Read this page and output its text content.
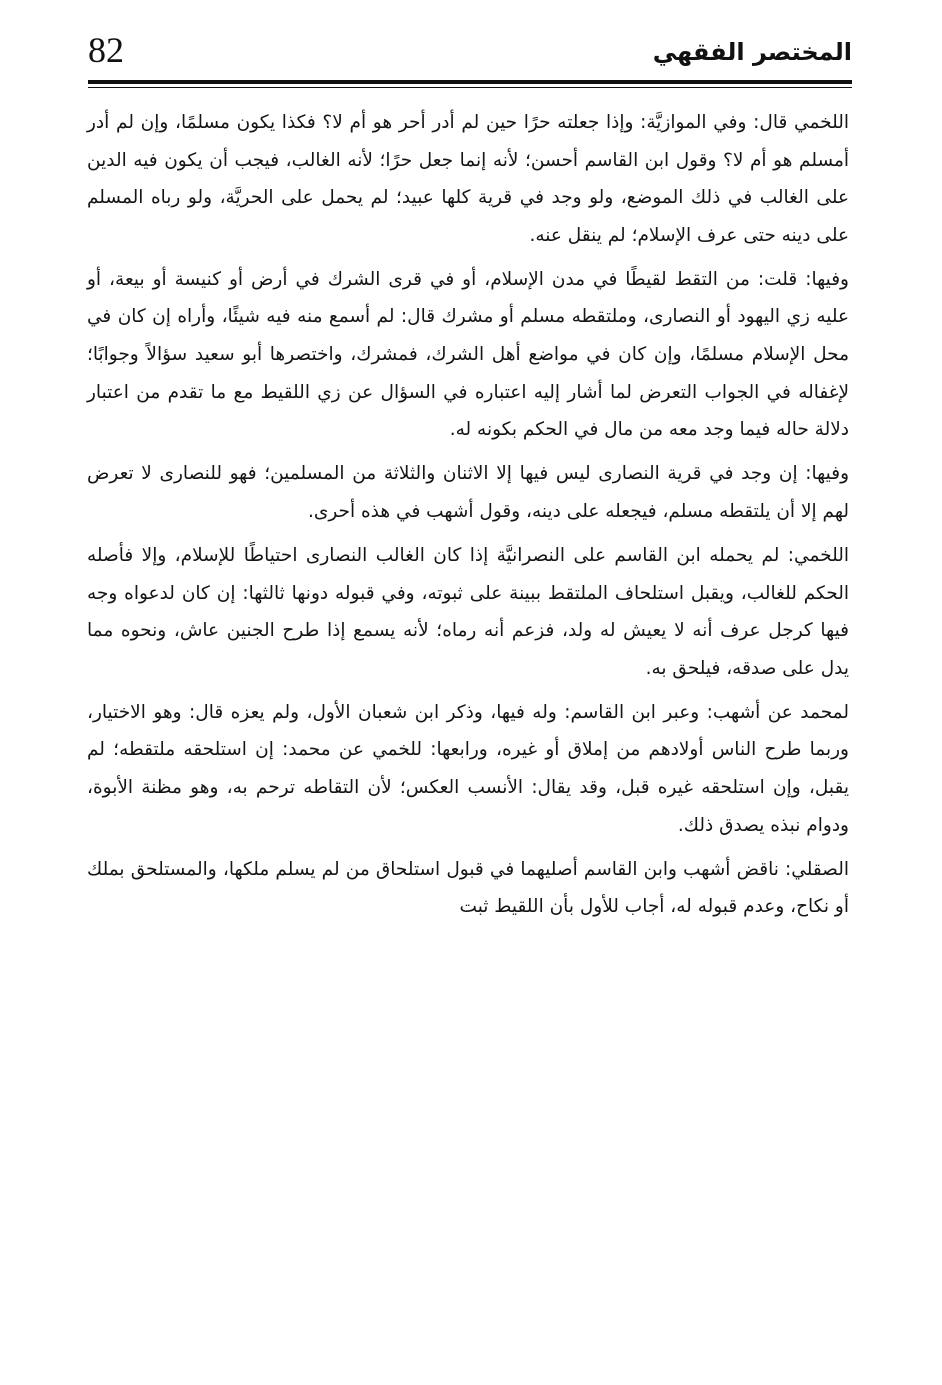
82	المختصر الفقهي

اللخمي قال: وفي الموازيَّة: وإذا جعلته حرًا حين لم أدر أحر هو أم لا؟ فكذا يكون مسلمًا، وإن لم أدر أمسلم هو أم لا؟ وقول ابن القاسم أحسن؛ لأنه إنما جعل حرًا؛ لأنه الغالب، فيجب أن يكون فيه الدين على الغالب في ذلك الموضع، ولو وجد في قرية كلها عبيد؛ لم يحمل على الحريَّة، ولو رباه المسلم على دينه حتى عرف الإسلام؛ لم ينقل عنه.

وفيها: قلت: من التقط لقيطًا في مدن الإسلام، أو في قرى الشرك في أرض أو كنيسة أو بيعة، أو عليه زي اليهود أو النصارى، وملتقطه مسلم أو مشرك قال: لم أسمع منه فيه شيئًا، وأراه إن كان في محل الإسلام مسلمًا، وإن كان في مواضع أهل الشرك، فمشرك، واختصرها أبو سعيد سؤالاً وجوابًا؛ لإغفاله في الجواب التعرض لما أشار إليه اعتباره في السؤال عن زي اللقيط مع ما تقدم من اعتبار دلالة حاله فيما وجد معه من مال في الحكم بكونه له.

وفيها: إن وجد في قرية النصارى ليس فيها إلا الاثنان والثلاثة من المسلمين؛ فهو للنصارى لا تعرض لهم إلا أن يلتقطه مسلم، فيجعله على دينه، وقول أشهب في هذه أحرى.

اللخمي: لم يحمله ابن القاسم على النصرانيَّة إذا كان الغالب النصارى احتياطًا للإسلام، وإلا فأصله الحكم للغالب، ويقبل استلحاف الملتقط ببينة على ثبوته، وفي قبوله دونها ثالثها: إن كان لدعواه وجه فيها كرجل عرف أنه لا يعيش له ولد، فزعم أنه رماه؛ لأنه يسمع إذا طرح الجنين عاش، ونحوه مما يدل على صدقه، فيلحق به.

لمحمد عن أشهب: وعبر ابن القاسم: وله فيها، وذكر ابن شعبان الأول، ولم يعزه قال: وهو الاختيار، وربما طرح الناس أولادهم من إملاق أو غيره، ورابعها: للخمي عن محمد: إن استلحقه ملتقطه؛ لم يقبل، وإن استلحقه غيره قبل، وقد يقال: الأنسب العكس؛ لأن التقاطه ترحم به، وهو مظنة الأبوة، ودوام نبذه يصدق ذلك.

الصقلي: ناقض أشهب وابن القاسم أصليهما في قبول استلحاق من لم يسلم ملكها، والمستلحق بملك أو نكاح، وعدم قبوله له، أجاب للأول بأن اللقيط ثبت
